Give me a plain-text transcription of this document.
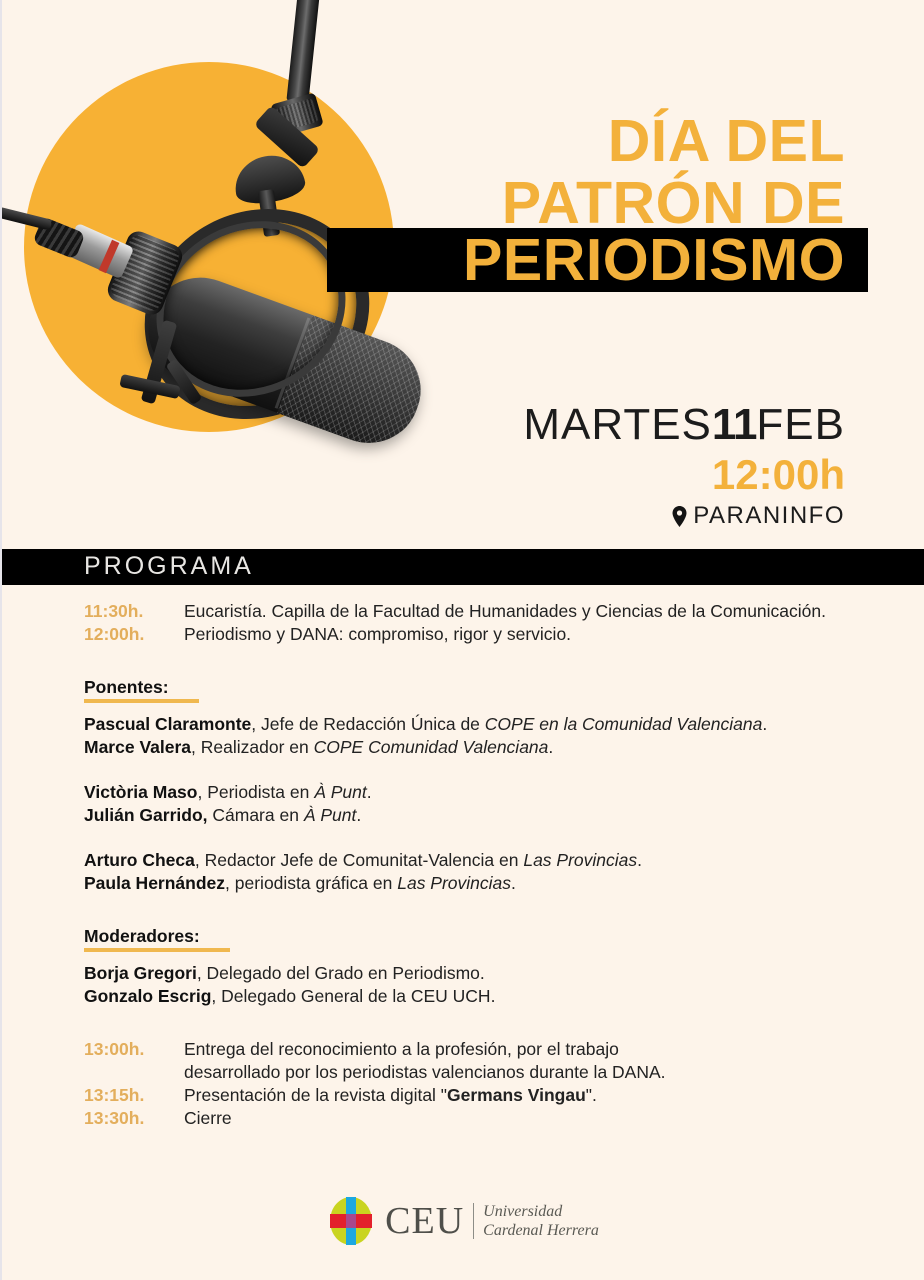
DÍA DEL
PATRÓN DE
PERIODISMO
MARTES11FEB
12:00h
PARANINFO
PROGRAMA
11:30h.	Eucaristía. Capilla de la Facultad de Humanidades y Ciencias de la Comunicación.
12:00h.	Periodismo y DANA: compromiso, rigor y servicio.
Ponentes:
Pascual Claramonte, Jefe de Redacción Única de COPE en la Comunidad Valenciana.
Marce Valera, Realizador en COPE Comunidad Valenciana.
Victòria Maso, Periodista en À Punt.
Julián Garrido, Cámara en À Punt.
Arturo Checa, Redactor Jefe de Comunitat-Valencia en Las Provincias.
Paula Hernández, periodista gráfica en Las Provincias.
Moderadores:
Borja Gregori, Delegado del Grado en Periodismo.
Gonzalo Escrig, Delegado General de la CEU UCH.
13:00h.	Entrega del reconocimiento a la profesión, por el trabajo
desarrollado por los periodistas valencianos durante la DANA.
13:15h.	Presentación de la revista digital "Germans Vingau".
13:30h.	Cierre
CEU Universidad
Cardenal Herrera
